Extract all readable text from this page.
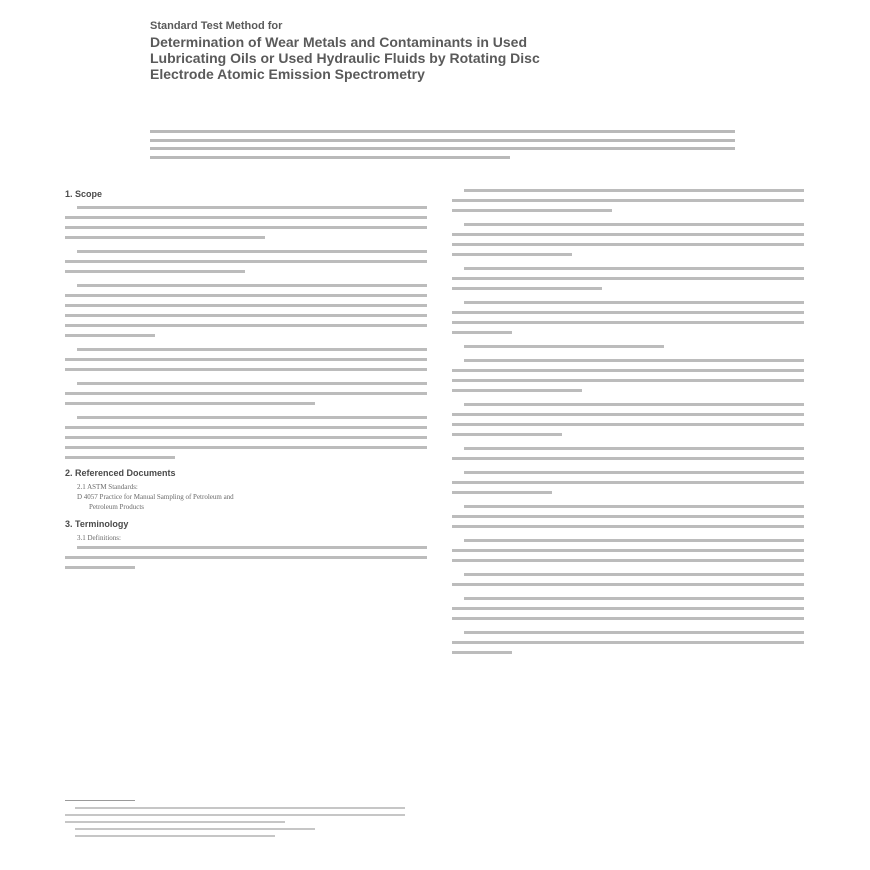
Standard Test Method for
Determination of Wear Metals and Contaminants in Used
Lubricating Oils or Used Hydraulic Fluids by Rotating Disc
Electrode Atomic Emission Spectrometry
1. Scope
2. Referenced Documents
2.1 ASTM Standards:
D 4057 Practice for Manual Sampling of Petroleum and
Petroleum Products
3. Terminology
3.1 Definitions:
